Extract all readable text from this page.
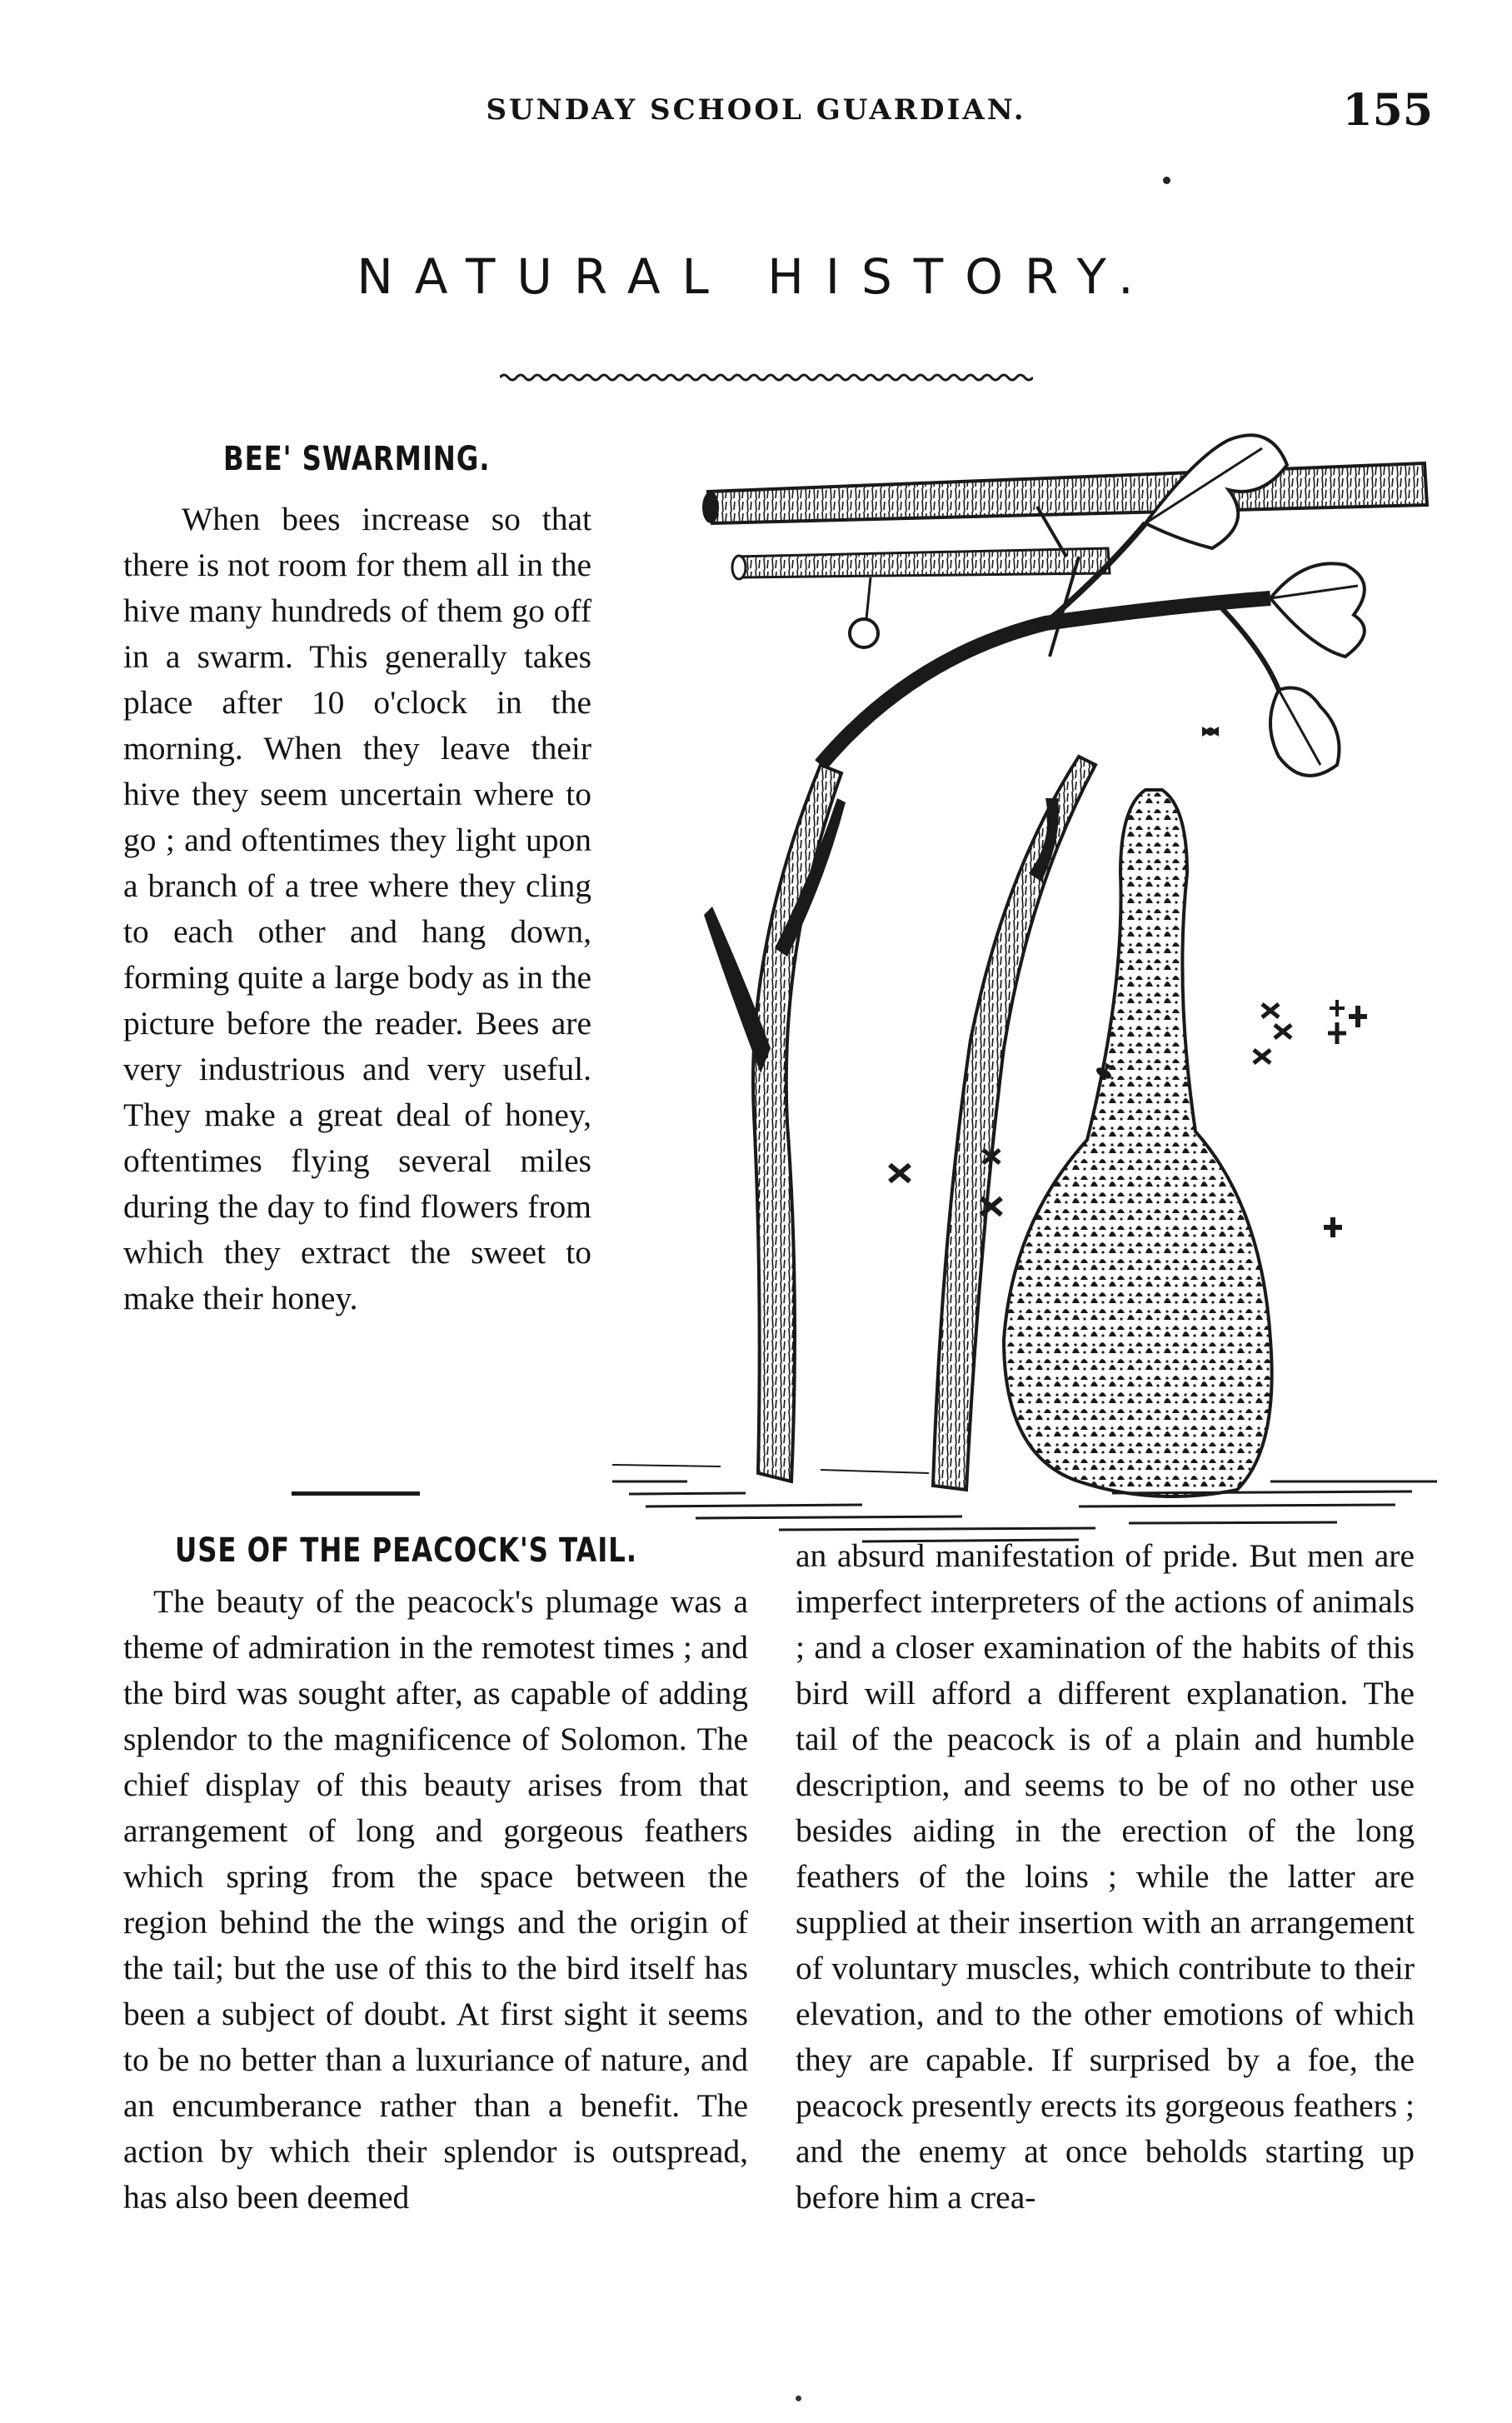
SUNDAY SCHOOL GUARDIAN.	155
NATURAL HISTORY.
BEE' SWARMING.

When bees increase so that there is not room for them all in the hive many hundreds of them go off in a swarm. This generally takes place after 10 o'clock in the morning. When they leave their hive they seem uncertain where to go ; and oftentimes they light upon a branch of a tree where they cling to each other and hang down, forming quite a large body as in the picture before the reader. Bees are very industrious and very useful. They make a great deal of honey, oftentimes flying several miles during the day to find flowers from which they extract the sweet to make their honey.

USE OF THE PEACOCK'S TAIL.

The beauty of the peacock's plumage was a theme of admiration in the remotest times ; and the bird was sought after, as capable of adding splendor to the magnificence of Solomon. The chief display of this beauty arises from that arrangement of long and gorgeous feathers which spring from the space between the region behind the the wings and the origin of the tail; but the use of this to the bird itself has been a subject of doubt. At first sight it seems to be no better than a luxuriance of nature, and an encumberance rather than a benefit. The action by which their splendor is outspread, has also been deemed

an absurd manifestation of pride. But men are imperfect interpreters of the actions of animals ; and a closer examination of the habits of this bird will afford a different explanation. The tail of the peacock is of a plain and humble description, and seems to be of no other use besides aiding in the erection of the long feathers of the loins ; while the latter are supplied at their insertion with an arrangement of voluntary muscles, which contribute to their elevation, and to the other emotions of which they are capable. If surprised by a foe, the peacock presently erects its gorgeous feathers ; and the enemy at once beholds starting up before him a crea-
